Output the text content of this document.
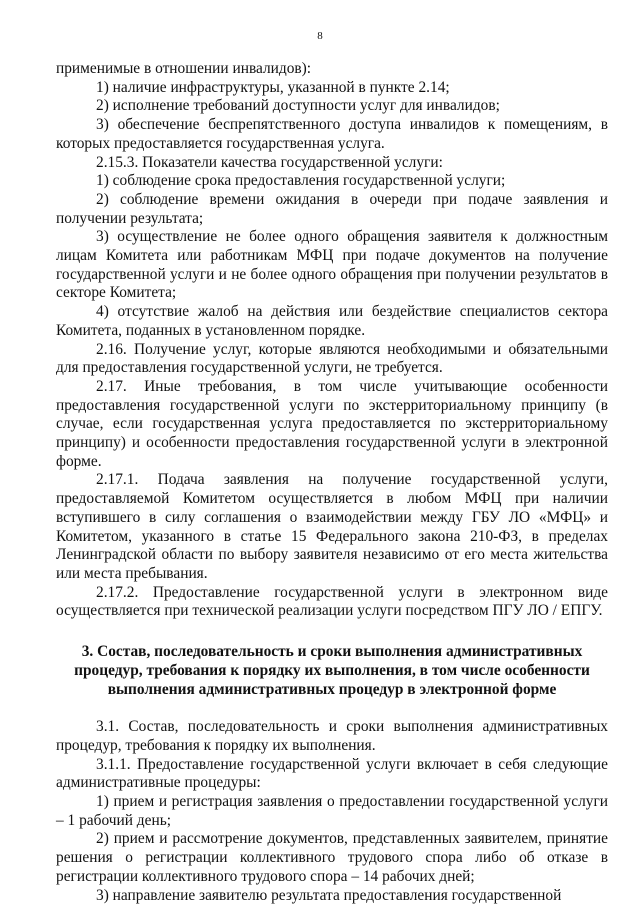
8

применимые в отношении инвалидов):

1) наличие инфраструктуры, указанной в пункте 2.14;

2) исполнение требований доступности услуг для инвалидов;

3) обеспечение беспрепятственного доступа инвалидов к помещениям, в которых предоставляется государственная услуга.

2.15.3. Показатели качества государственной услуги:

1) соблюдение срока предоставления государственной услуги;

2) соблюдение времени ожидания в очереди при подаче заявления и получении результата;

3) осуществление не более одного обращения заявителя к должностным лицам Комитета или работникам МФЦ при подаче документов на получение государственной услуги и не более одного обращения при получении результатов в секторе Комитета;

4) отсутствие жалоб на действия или бездействие специалистов сектора Комитета, поданных в установленном порядке.

2.16. Получение услуг, которые являются необходимыми и обязательными для предоставления государственной услуги, не требуется.

2.17. Иные требования, в том числе учитывающие особенности предоставления государственной услуги по экстерриториальному принципу (в случае, если государственная услуга предоставляется по экстерриториальному принципу) и особенности предоставления государственной услуги в электронной форме.

2.17.1. Подача заявления на получение государственной услуги, предоставляемой Комитетом осуществляется в любом МФЦ при наличии вступившего в силу соглашения о взаимодействии между ГБУ ЛО «МФЦ» и Комитетом, указанного в статье 15 Федерального закона 210-ФЗ, в пределах Ленинградской области по выбору заявителя независимо от его места жительства или места пребывания.

2.17.2. Предоставление государственной услуги в электронном виде осуществляется при технической реализации услуги посредством ПГУ ЛО / ЕПГУ.

3. Состав, последовательность и сроки выполнения административных процедур, требования к порядку их выполнения, в том числе особенности выполнения административных процедур в электронной форме

3.1. Состав, последовательность и сроки выполнения административных процедур, требования к порядку их выполнения.

3.1.1. Предоставление государственной услуги включает в себя следующие административные процедуры:

1) прием и регистрация заявления о предоставлении государственной услуги – 1 рабочий день;

2) прием и рассмотрение документов, представленных заявителем, принятие решения о регистрации коллективного трудового спора либо об отказе в регистрации коллективного трудового спора – 14 рабочих дней;

3) направление заявителю результата предоставления государственной
